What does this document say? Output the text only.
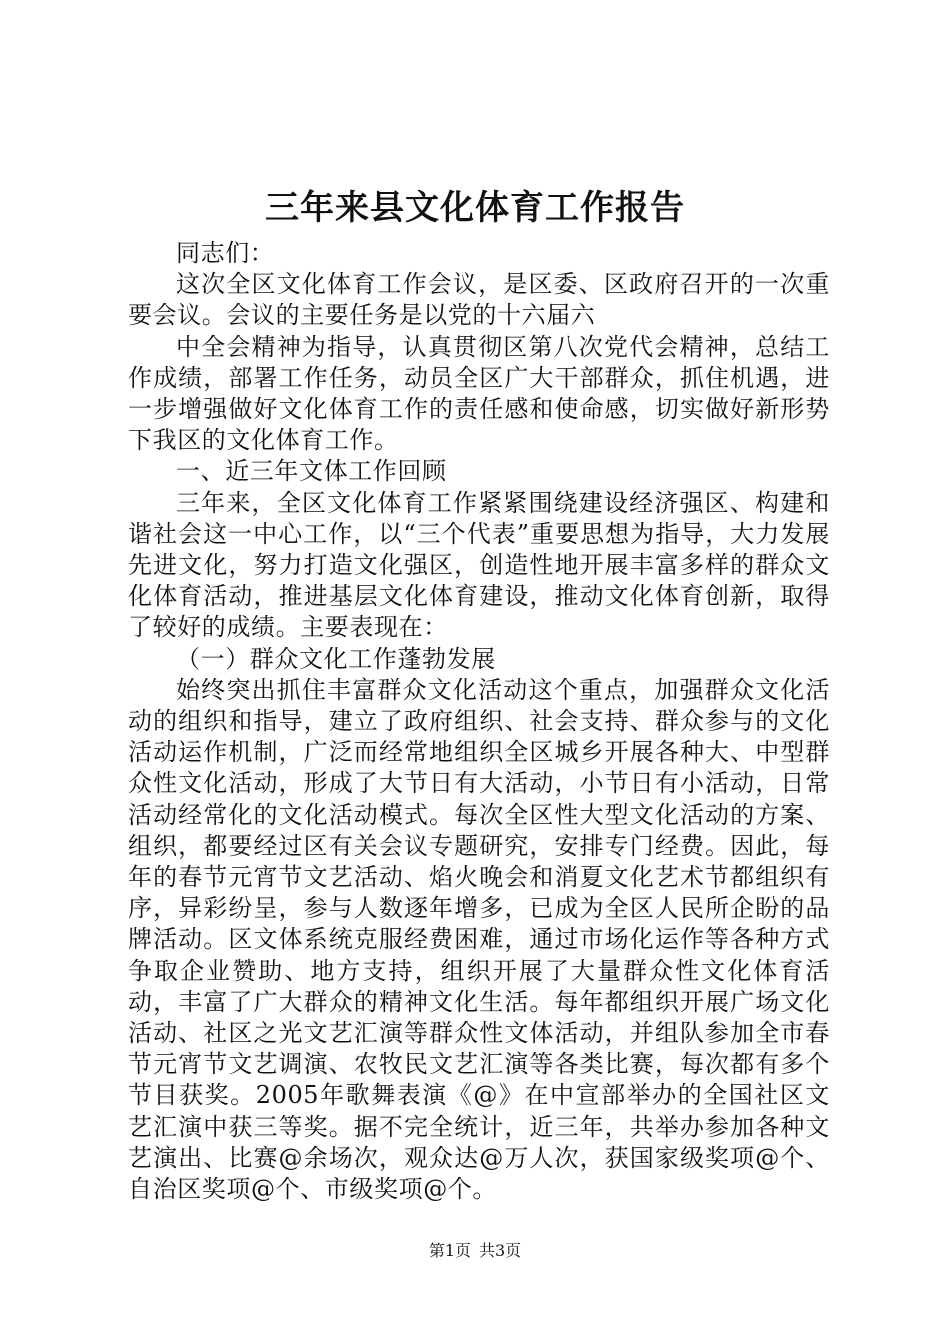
三年来县文化体育工作报告

同志们：

这次全区文化体育工作会议，是区委、区政府召开的一次重要会议。会议的主要任务是以党的十六届六

中全会精神为指导，认真贯彻区第八次党代会精神，总结工作成绩，部署工作任务，动员全区广大干部群众，抓住机遇，进一步增强做好文化体育工作的责任感和使命感，切实做好新形势下我区的文化体育工作。

一、近三年文体工作回顾

三年来，全区文化体育工作紧紧围绕建设经济强区、构建和谐社会这一中心工作，以“三个代表”重要思想为指导，大力发展先进文化，努力打造文化强区，创造性地开展丰富多样的群众文化体育活动，推进基层文化体育建设，推动文化体育创新，取得了较好的成绩。主要表现在：

（一）群众文化工作蓬勃发展

始终突出抓住丰富群众文化活动这个重点，加强群众文化活动的组织和指导，建立了政府组织、社会支持、群众参与的文化活动运作机制，广泛而经常地组织全区城乡开展各种大、中型群众性文化活动，形成了大节日有大活动，小节日有小活动，日常活动经常化的文化活动模式。每次全区性大型文化活动的方案、组织，都要经过区有关会议专题研究，安排专门经费。因此，每年的春节元宵节文艺活动、焰火晚会和消夏文化艺术节都组织有序，异彩纷呈，参与人数逐年增多，已成为全区人民所企盼的品牌活动。区文体系统克服经费困难，通过市场化运作等各种方式争取企业赞助、地方支持，组织开展了大量群众性文化体育活动，丰富了广大群众的精神文化生活。每年都组织开展广场文化活动、社区之光文艺汇演等群众性文体活动，并组队参加全市春节元宵节文艺调演、农牧民文艺汇演等各类比赛，每次都有多个节目获奖。2005年歌舞表演《@》在中宣部举办的全国社区文艺汇演中获三等奖。据不完全统计，近三年，共举办参加各种文艺演出、比赛@余场次，观众达@万人次，获国家级奖项@个、自治区奖项@个、市级奖项@个。

第1页 共3页
